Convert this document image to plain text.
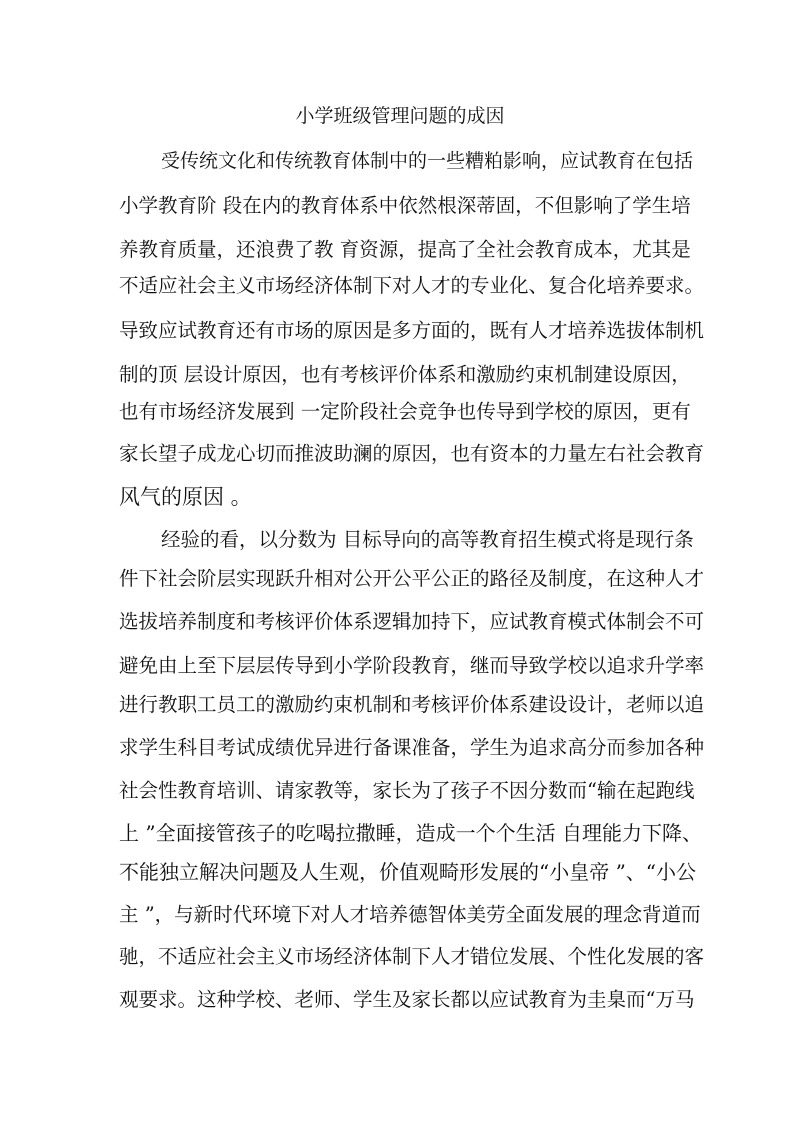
小学班级管理问题的成因
受传统文化和传统教育体制中的一些糟粕影响，应试教育在包括
小学教育阶 段在内的教育体系中依然根深蒂固，不但影响了学生培
养教育质量，还浪费了教 育资源，提高了全社会教育成本，尤其是
不适应社会主义市场经济体制下对人才的专业化、复合化培养要求。
导致应试教育还有市场的原因是多方面的，既有人才培养选拔体制机
制的顶 层设计原因，也有考核评价体系和激励约束机制建设原因，
也有市场经济发展到 一定阶段社会竞争也传导到学校的原因，更有
家长望子成龙心切而推波助澜的原因，也有资本的力量左右社会教育
风气的原因 。
经验的看，以分数为 目标导向的高等教育招生模式将是现行条
件下社会阶层实现跃升相对公开公平公正的路径及制度，在这种人才
选拔培养制度和考核评价体系逻辑加持下，应试教育模式体制会不可
避免由上至下层层传导到小学阶段教育，继而导致学校以追求升学率
进行教职工员工的激励约束机制和考核评价体系建设设计，老师以追
求学生科目考试成绩优异进行备课准备，学生为追求高分而参加各种
社会性教育培训、请家教等，家长为了孩子不因分数而“输在起跑线
上 ”全面接管孩子的吃喝拉撒睡，造成一个个生活 自理能力下降、
不能独立解决问题及人生观，价值观畸形发展的“小皇帝 ”、“小公
主 ”，与新时代环境下对人才培养德智体美劳全面发展的理念背道而
驰，不适应社会主义市场经济体制下人才错位发展、个性化发展的客
观要求。这种学校、老师、学生及家长都以应试教育为圭臬而“万马
